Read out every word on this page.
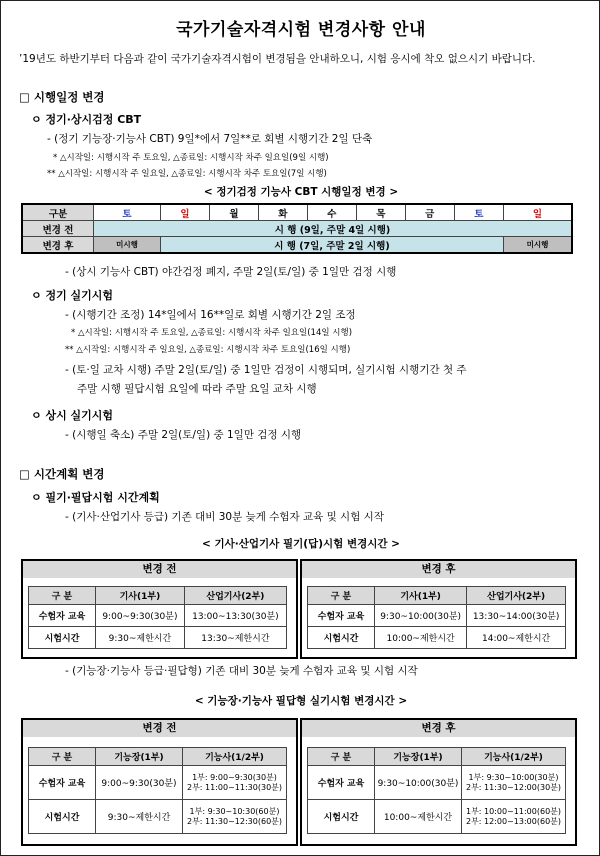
국가기술자격시험 변경사항 안내
’19년도 하반기부터 다음과 같이 국가기술자격시험이 변경됨을 안내하오니, 시험 응시에 착오 없으시기 바랍니다.
□ 시행일정 변경
ㅇ 정기·상시검정 CBT
- (정기 기능장·기능사 CBT) 9일*에서 7일**로 회별 시행기간 2일 단축
* △시작일: 시행시작 주 토요일, △종료일: 시행시작 차주 일요일(9일 시행)
** △시작일: 시행시작 주 일요일, △종료일: 시행시작 차주 토요일(7일 시행)
< 정기검정 기능사 CBT 시행일정 변경 >
구분	토	일	월	화	수	목	금	토	일
변경 전	시 행 (9일, 주말 4일 시행)								
변경 후	미시행	시 행 (7일, 주말 2일 시행)							미시행
- (상시 기능사 CBT) 야간검정 폐지, 주말 2일(토/일) 중 1일만 검정 시행
ㅇ 정기 실기시험
- (시행기간 조정) 14*일에서 16**일로 회별 시행기간 2일 조정
* △시작일: 시행시작 주 토요일, △종료일: 시행시작 차주 일요일(14일 시행)
** △시작일: 시행시작 주 일요일, △종료일: 시행시작 차주 토요일(16일 시행)
- (토·일 교차 시행) 주말 2일(토/일) 중 1일만 검정이 시행되며, 실기시험 시행기간 첫 주
주말 시행 필답시험 요일에 따라 주말 요일 교차 시행
ㅇ 상시 실기시험
- (시행일 축소) 주말 2일(토/일) 중 1일만 검정 시행
□ 시간계획 변경
ㅇ 필기·필답시험 시간계획
- (기사·산업기사 등급) 기존 대비 30분 늦게 수험자 교육 및 시험 시작
< 기사·산업기사 필기(답)시험 변경시간 >
변경 전
구 분	기사(1부)	산업기사(2부)
수험자 교육	9:00~9:30(30분)	13:00~13:30(30분)
시험시간	9:30~제한시간	13:30~제한시간
변경 후
구 분	기사(1부)	산업기사(2부)
수험자 교육	9:30~10:00(30분)	13:30~14:00(30분)
시험시간	10:00~제한시간	14:00~제한시간
- (기능장·기능사 등급·필답형) 기존 대비 30분 늦게 수험자 교육 및 시험 시작
< 기능장·기능사 필답형 실기시험 변경시간 >
변경 전
구 분	기능장(1부)	기능사(1/2부)
수험자 교육	9:00~9:30(30분)	1부: 9:00~9:30(30분)
2부: 11:00~11:30(30분)

시험시간	9:30~제한시간	1부: 9:30~10:30(60분)
2부: 11:30~12:30(60분)
변경 후
구 분	기능장(1부)	기능사(1/2부)
수험자 교육	9:30~10:00(30분)	1부: 9:30~10:00(30분)
2부: 11:30~12:00(30분)

시험시간	10:00~제한시간	1부: 10:00~11:00(60분)
2부: 12:00~13:00(60분)
